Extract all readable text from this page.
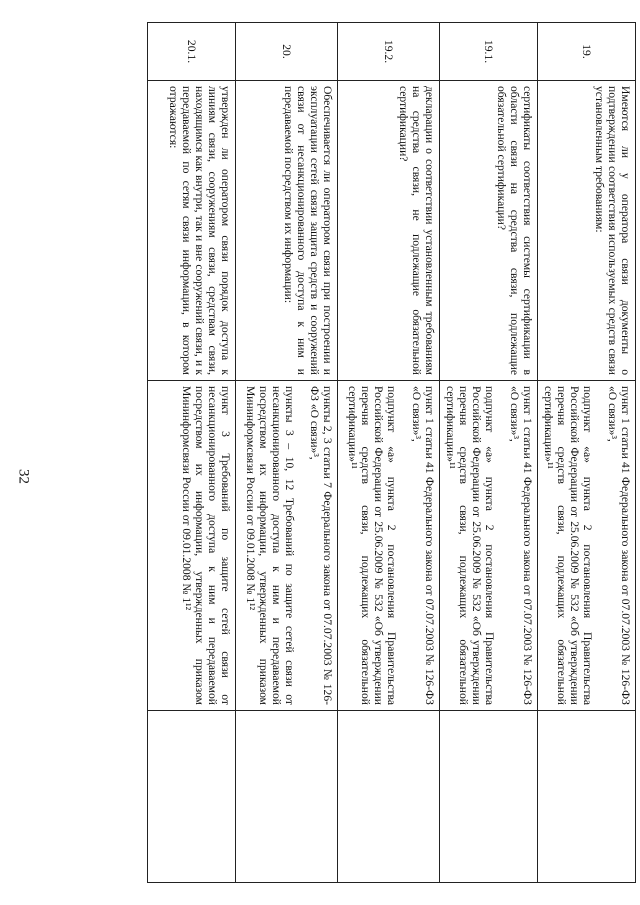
32
19.	Имеются ли у оператора связи документы о подтверждении соответствия используемых средств связи установленным требованиям:	пункт 1 статьи 41 Федерального закона от 07.07.2003 № 126-ФЗ «О связи»³,

подпункт «а» пункта 2 постановления Правительства Российской Федерации от 25.06.2009 № 532 «Об утверждении перечня средств связи, подлежащих обязательной сертификации»¹¹	

19.1.	сертификаты соответствия системы сертификации в области связи на средства связи, подлежащие обязательной сертификации?	пункт 1 статьи 41 Федерального закона от 07.07.2003 № 126-ФЗ «О связи»³,

подпункт «а» пункта 2 постановления Правительства Российской Федерации от 25.06.2009 № 532 «Об утверждении перечня средств связи, подлежащих обязательной сертификации»¹¹	

19.2.	декларации о соответствии установленным требованиям на средства связи, не подлежащие обязательной сертификации?	пункт 1 статьи 41 Федерального закона от 07.07.2003 № 126-ФЗ «О связи»³,

подпункт «а» пункта 2 постановления Правительства Российской Федерации от 25.06.2009 № 532 «Об утверждении перечня средств связи, подлежащих обязательной сертификации»¹¹	

20.	Обеспечивается ли оператором связи при построении и эксплуатации сетей связи защита средств и сооружений связи от несанкционированного доступа к ним и передаваемой посредством их информации:	пункты 2, 3 статьи 7 Федерального закона от 07.07.2003 № 126-ФЗ «О связи»³,

пункты 3 – 10, 12 Требований по защите сетей связи от несанкционированного доступа к ним и передаваемой посредством их информации, утвержденных приказом Мининформсвязи России от 09.01.2008 № 1¹²	

20.1.	утвержден ли оператором связи порядок доступа к линиям связи, сооружениям связи, средствам связи, находящимся как внутри, так и вне сооружений связи, и к передаваемой по сетям связи информации, в котором отражаются:	пункт 3 Требований по защите сетей связи от несанкционированного доступа к ним и передаваемой посредством их информации, утвержденных приказом Мининформсвязи России от 09.01.2008 № 1¹²	
